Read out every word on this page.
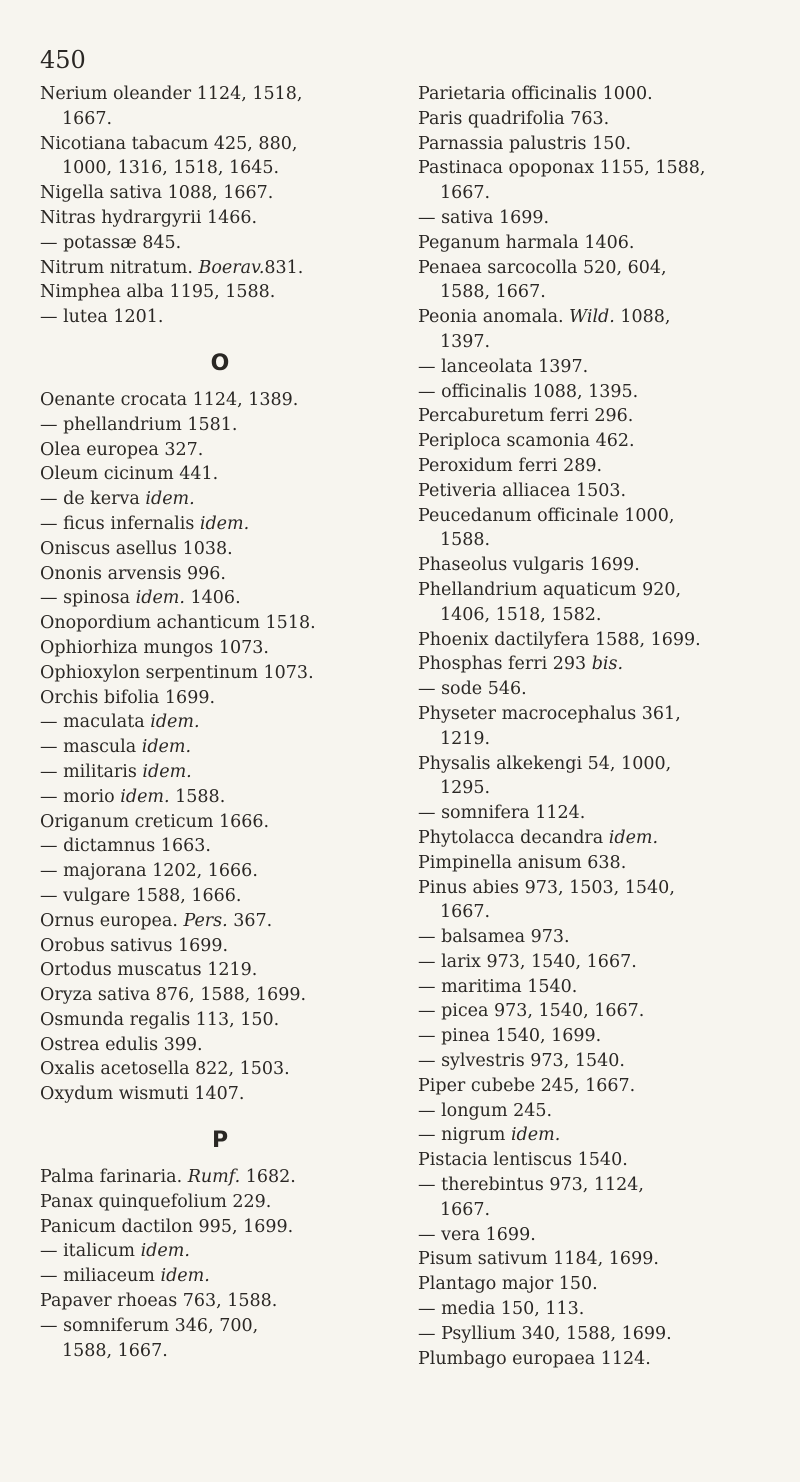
450
Nerium oleander 1124, 1518,
1667.
Nicotiana tabacum 425, 880,
1000, 1316, 1518, 1645.
Nigella sativa 1088, 1667.
Nitras hydrargyrii 1466.
— potassæ 845.
Nitrum nitratum. Boerav.831.
Nimphea alba 1195, 1588.
— lutea 1201.
O
Oenante crocata 1124, 1389.
— phellandrium 1581.
Olea europea 327.
Oleum cicinum 441.
— de kerva idem.
— ficus infernalis idem.
Oniscus asellus 1038.
Ononis arvensis 996.
— spinosa idem. 1406.
Onopordium achanticum 1518.
Ophiorhiza mungos 1073.
Ophioxylon serpentinum 1073.
Orchis bifolia 1699.
— maculata idem.
— mascula idem.
— militaris idem.
— morio idem. 1588.
Origanum creticum 1666.
— dictamnus 1663.
— majorana 1202, 1666.
— vulgare 1588, 1666.
Ornus europea. Pers. 367.
Orobus sativus 1699.
Ortodus muscatus 1219.
Oryza sativa 876, 1588, 1699.
Osmunda regalis 113, 150.
Ostrea edulis 399.
Oxalis acetosella 822, 1503.
Oxydum wismuti 1407.
P
Palma farinaria. Rumf. 1682.
Panax quinquefolium 229.
Panicum dactilon 995, 1699.
— italicum idem.
— miliaceum idem.
Papaver rhoeas 763, 1588.
— somniferum 346, 700,
1588, 1667.
Parietaria officinalis 1000.
Paris quadrifolia 763.
Parnassia palustris 150.
Pastinaca opoponax 1155, 1588,
1667.
— sativa 1699.
Peganum harmala 1406.
Penaea sarcocolla 520, 604,
1588, 1667.
Peonia anomala. Wild. 1088,
1397.
— lanceolata 1397.
— officinalis 1088, 1395.
Percaburetum ferri 296.
Periploca scamonia 462.
Peroxidum ferri 289.
Petiveria alliacea 1503.
Peucedanum officinale 1000,
1588.
Phaseolus vulgaris 1699.
Phellandrium aquaticum 920,
1406, 1518, 1582.
Phoenix dactilyfera 1588, 1699.
Phosphas ferri 293 bis.
— sode 546.
Physeter macrocephalus 361,
1219.
Physalis alkekengi 54, 1000,
1295.
— somnifera 1124.
Phytolacca decandra idem.
Pimpinella anisum 638.
Pinus abies 973, 1503, 1540,
1667.
— balsamea 973.
— larix 973, 1540, 1667.
— maritima 1540.
— picea 973, 1540, 1667.
— pinea 1540, 1699.
— sylvestris 973, 1540.
Piper cubebe 245, 1667.
— longum 245.
— nigrum idem.
Pistacia lentiscus 1540.
— therebintus 973, 1124,
1667.
— vera 1699.
Pisum sativum 1184, 1699.
Plantago major 150.
— media 150, 113.
— Psyllium 340, 1588, 1699.
Plumbago europaea 1124.
